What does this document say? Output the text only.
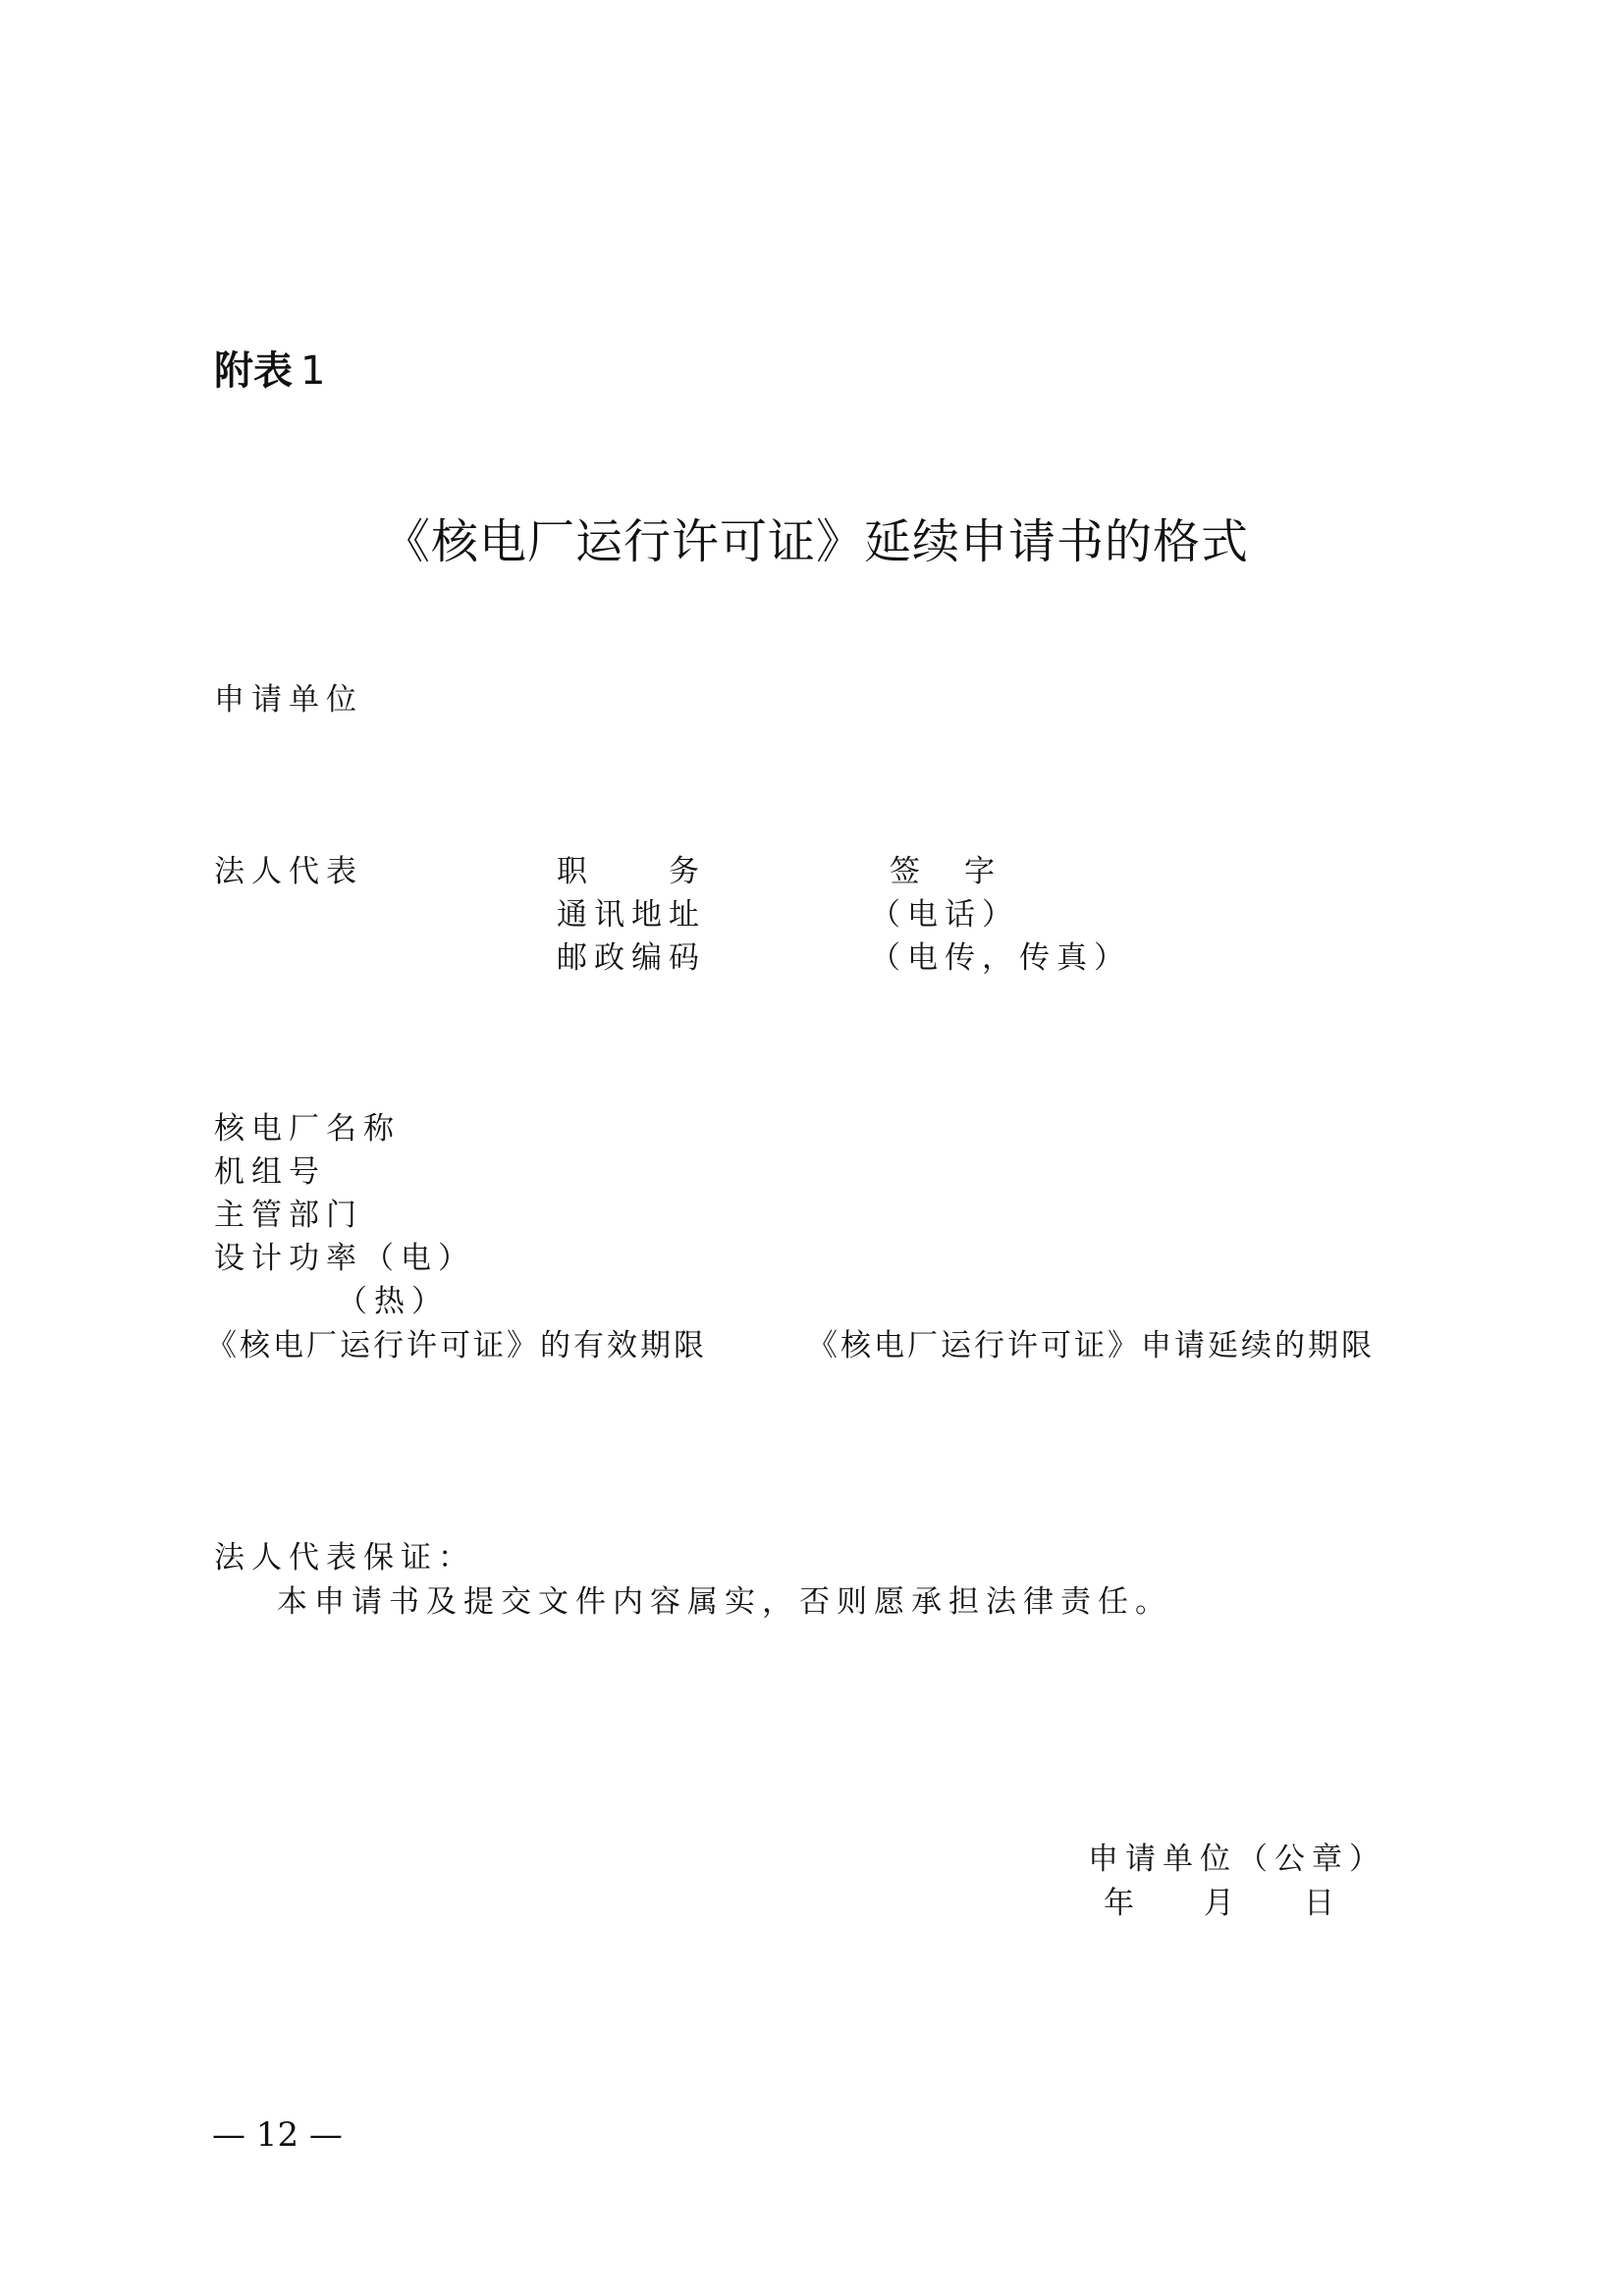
附表 1
《核电厂运行许可证》延续申请书的格式
申请单位
法人代表	职　　务	签　字
通讯地址	（电话）
邮政编码	（电传，传真）
核电厂名称
机组号
主管部门
设计功率（电）
（热）
《核电厂运行许可证》的有效期限	《核电厂运行许可证》申请延续的期限
法人代表保证：
本申请书及提交文件内容属实，否则愿承担法律责任。
申请单位（公章）
年 月 日
— 12 —
